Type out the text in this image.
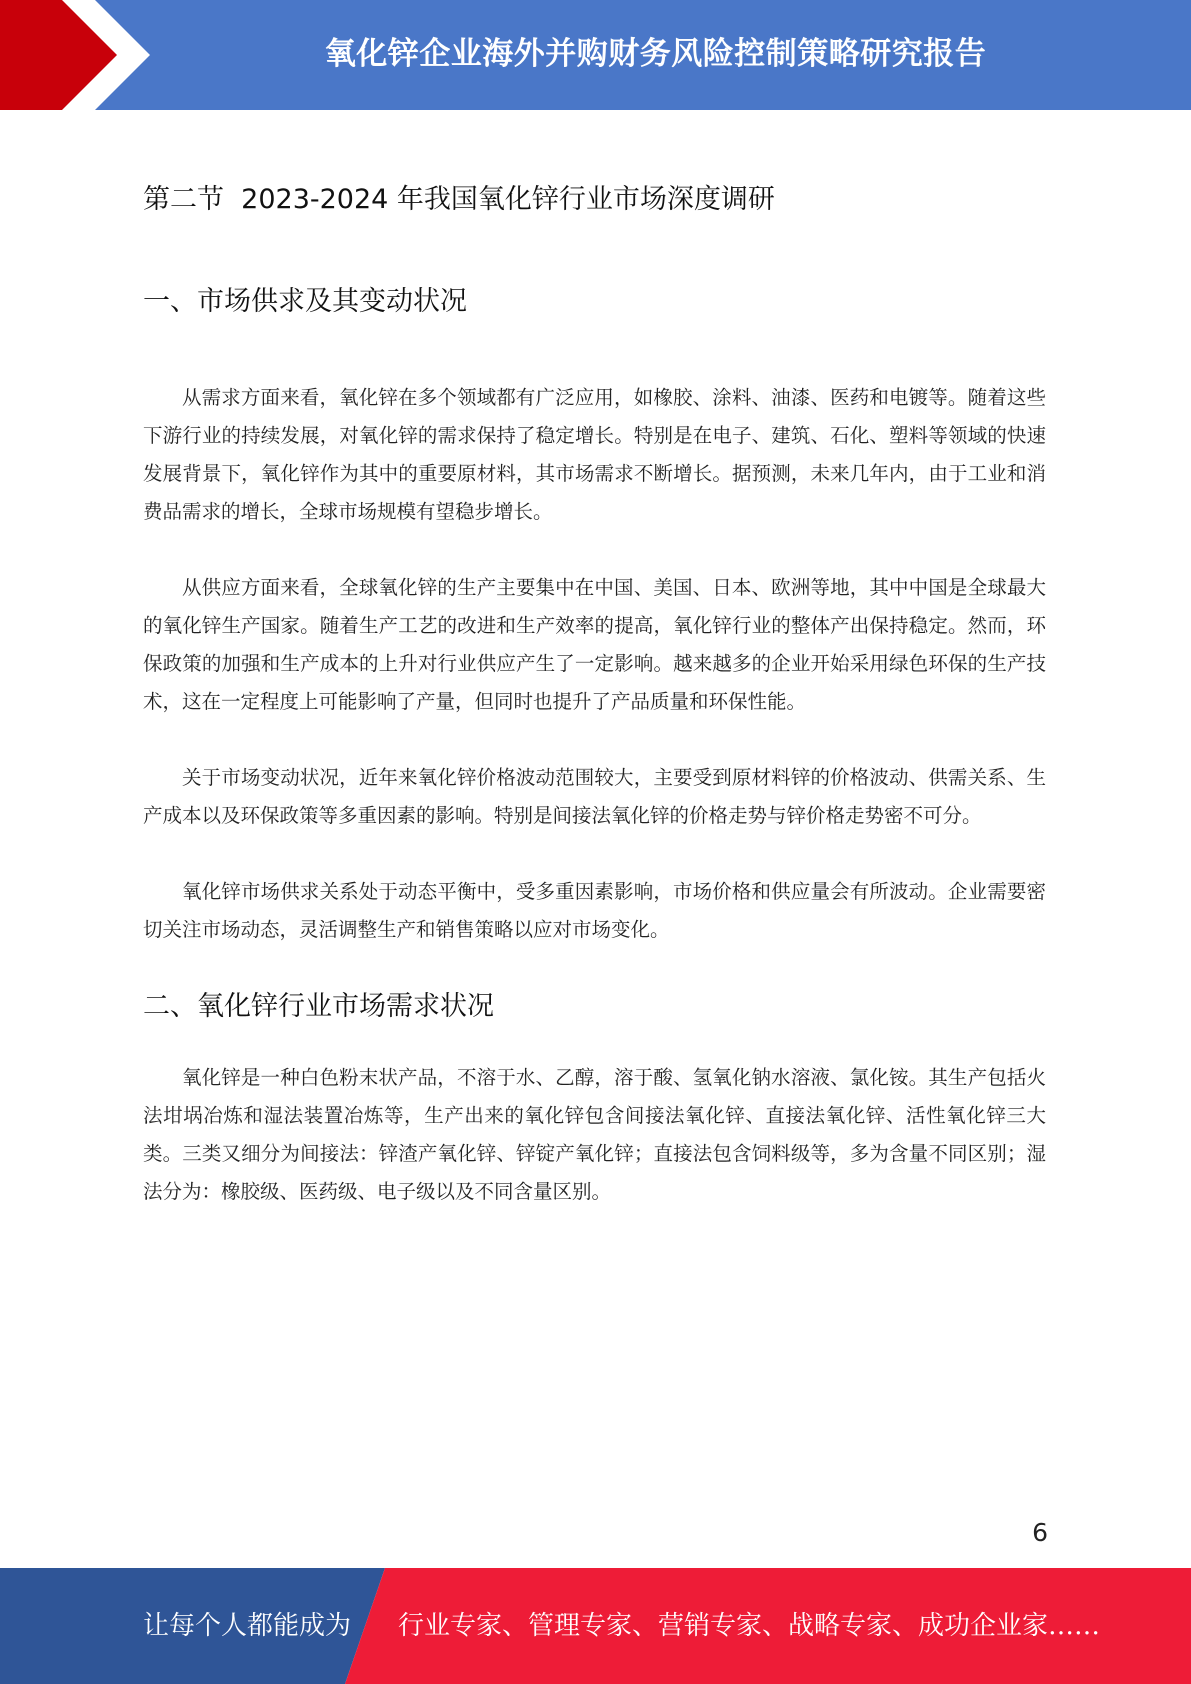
氧化锌企业海外并购财务风险控制策略研究报告
第二节  2023-2024 年我国氧化锌行业市场深度调研
一、市场供求及其变动状况

从需求方面来看，氧化锌在多个领域都有广泛应用，如橡胶、涂料、油漆、医药和电镀等。随着这些下游行业的持续发展，对氧化锌的需求保持了稳定增长。特别是在电子、建筑、石化、塑料等领域的快速发展背景下，氧化锌作为其中的重要原材料，其市场需求不断增长。据预测，未来几年内，由于工业和消费品需求的增长，全球市场规模有望稳步增长。

从供应方面来看，全球氧化锌的生产主要集中在中国、美国、日本、欧洲等地，其中中国是全球最大的氧化锌生产国家。随着生产工艺的改进和生产效率的提高，氧化锌行业的整体产出保持稳定。然而，环保政策的加强和生产成本的上升对行业供应产生了一定影响。越来越多的企业开始采用绿色环保的生产技术，这在一定程度上可能影响了产量，但同时也提升了产品质量和环保性能。

关于市场变动状况，近年来氧化锌价格波动范围较大，主要受到原材料锌的价格波动、供需关系、生产成本以及环保政策等多重因素的影响。特别是间接法氧化锌的价格走势与锌价格走势密不可分。

氧化锌市场供求关系处于动态平衡中，受多重因素影响，市场价格和供应量会有所波动。企业需要密切关注市场动态，灵活调整生产和销售策略以应对市场变化。

二、氧化锌行业市场需求状况

氧化锌是一种白色粉末状产品，不溶于水、乙醇，溶于酸、氢氧化钠水溶液、氯化铵。其生产包括火法坩埚冶炼和湿法装置冶炼等，生产出来的氧化锌包含间接法氧化锌、直接法氧化锌、活性氧化锌三大类。三类又细分为间接法：锌渣产氧化锌、锌锭产氧化锌；直接法包含饲料级等，多为含量不同区别；湿法分为：橡胶级、医药级、电子级以及不同含量区别。

6
让每个人都能成为 行业专家、管理专家、营销专家、战略专家、成功企业家……
